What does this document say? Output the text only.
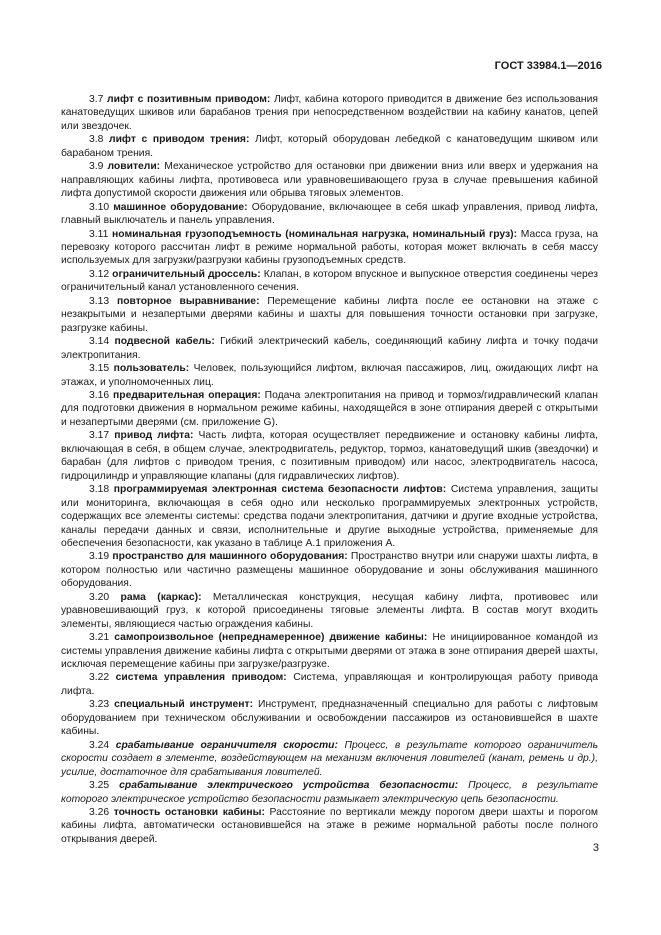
ГОСТ 33984.1—2016

3.7 лифт с позитивным приводом: Лифт, кабина которого приводится в движение без использования канатоведущих шкивов или барабанов трения при непосредственном воздействии на кабину канатов, цепей или звездочек.

3.8 лифт с приводом трения: Лифт, который оборудован лебедкой с канатоведущим шкивом или барабаном трения.

3.9 ловители: Механическое устройство для остановки при движении вниз или вверх и удержания на направляющих кабины лифта, противовеса или уравновешивающего груза в случае превышения кабиной лифта допустимой скорости движения или обрыва тяговых элементов.

3.10 машинное оборудование: Оборудование, включающее в себя шкаф управления, привод лифта, главный выключатель и панель управления.

3.11 номинальная грузоподъемность (номинальная нагрузка, номинальный груз): Масса груза, на перевозку которого рассчитан лифт в режиме нормальной работы, которая может включать в себя массу используемых для загрузки/разгрузки кабины грузоподъемных средств.

3.12 ограничительный дроссель: Клапан, в котором впускное и выпускное отверстия соединены через ограничительный канал установленного сечения.

3.13 повторное выравнивание: Перемещение кабины лифта после ее остановки на этаже с незакрытыми и незапертыми дверями кабины и шахты для повышения точности остановки при загрузке, разгрузке кабины.

3.14 подвесной кабель: Гибкий электрический кабель, соединяющий кабину лифта и точку подачи электропитания.

3.15 пользователь: Человек, пользующийся лифтом, включая пассажиров, лиц, ожидающих лифт на этажах, и уполномоченных лиц.

3.16 предварительная операция: Подача электропитания на привод и тормоз/гидравлический клапан для подготовки движения в нормальном режиме кабины, находящейся в зоне отпирания дверей с открытыми и незапертыми дверями (см. приложение G).

3.17 привод лифта: Часть лифта, которая осуществляет передвижение и остановку кабины лифта, включающая в себя, в общем случае, электродвигатель, редуктор, тормоз, канатоведущий шкив (звездочки) и барабан (для лифтов с приводом трения, с позитивным приводом) или насос, электродвигатель насоса, гидроцилиндр и управляющие клапаны (для гидравлических лифтов).

3.18 программируемая электронная система безопасности лифтов: Система управления, защиты или мониторинга, включающая в себя одно или несколько программируемых электронных устройств, содержащих все элементы системы: средства подачи электропитания, датчики и другие входные устройства, каналы передачи данных и связи, исполнительные и другие выходные устройства, применяемые для обеспечения безопасности, как указано в таблице А.1 приложения А.

3.19 пространство для машинного оборудования: Пространство внутри или снаружи шахты лифта, в котором полностью или частично размещены машинное оборудование и зоны обслуживания машинного оборудования.

3.20 рама (каркас): Металлическая конструкция, несущая кабину лифта, противовес или уравновешивающий груз, к которой присоединены тяговые элементы лифта. В состав могут входить элементы, являющиеся частью ограждения кабины.

3.21 самопроизвольное (непреднамеренное) движение кабины: Не инициированное командой из системы управления движение кабины лифта с открытыми дверями от этажа в зоне отпирания дверей шахты, исключая перемещение кабины при загрузке/разгрузке.

3.22 система управления приводом: Система, управляющая и контролирующая работу привода лифта.

3.23 специальный инструмент: Инструмент, предназначенный специально для работы с лифтовым оборудованием при техническом обслуживании и освобождении пассажиров из остановившейся в шахте кабины.

3.24 срабатывание ограничителя скорости: Процесс, в результате которого ограничитель скорости создает в элементе, воздействующем на механизм включения ловителей (канат, ремень и др.), усилие, достаточное для срабатывания ловителей.

3.25 срабатывание электрического устройства безопасности: Процесс, в результате которого электрическое устройство безопасности размыкает электрическую цепь безопасности.

3.26 точность остановки кабины: Расстояние по вертикали между порогом двери шахты и порогом кабины лифта, автоматически остановившейся на этаже в режиме нормальной работы после полного открывания дверей.

3
